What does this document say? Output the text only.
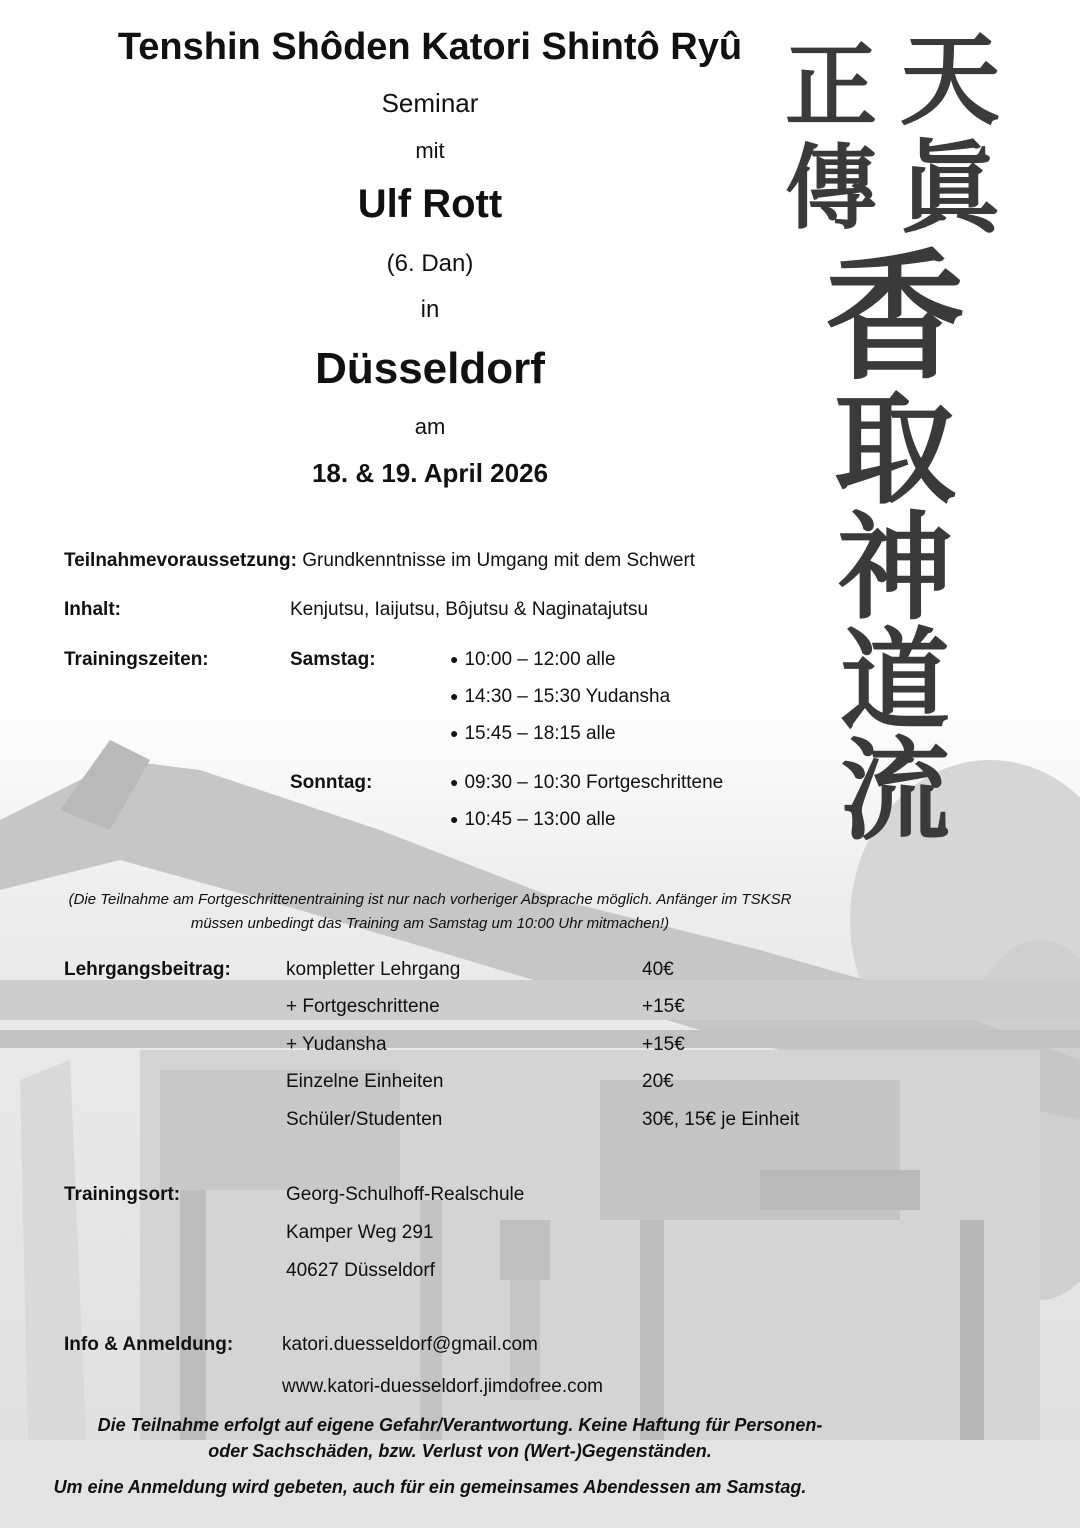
正
傳
天
眞
香
取
神
道
流
Tenshin Shôden Katori Shintô Ryû
Seminar
mit
Ulf Rott
(6. Dan)
in
Düsseldorf
am
18. & 19. April 2026
Teilnahmevoraussetzung: Grundkenntnisse im Umgang mit dem Schwert
Inhalt:	Kenjutsu, Iaijutsu, Bôjutsu & Naginatajutsu
Trainingszeiten:	Samstag:	● 10:00 – 12:00 alle
● 14:30 – 15:30 Yudansha
● 15:45 – 18:15 alle
Sonntag:	● 09:30 – 10:30 Fortgeschrittene
● 10:45 – 13:00 alle
(Die Teilnahme am Fortgeschrittenentraining ist nur nach vorheriger Absprache möglich. Anfänger im TSKSR
müssen unbedingt das Training am Samstag um 10:00 Uhr mitmachen!)
Lehrgangsbeitrag:	kompletter Lehrgang	40€
+ Fortgeschrittene	+15€
+ Yudansha	+15€
Einzelne Einheiten	20€
Schüler/Studenten	30€, 15€ je Einheit
Trainingsort:	Georg-Schulhoff-Realschule
Kamper Weg 291
40627 Düsseldorf
Info & Anmeldung:	katori.duesseldorf@gmail.com
www.katori-duesseldorf.jimdofree.com
Die Teilnahme erfolgt auf eigene Gefahr/Verantwortung. Keine Haftung für Personen-
oder Sachschäden, bzw. Verlust von (Wert-)Gegenständen.
Um eine Anmeldung wird gebeten, auch für ein gemeinsames Abendessen am Samstag.
